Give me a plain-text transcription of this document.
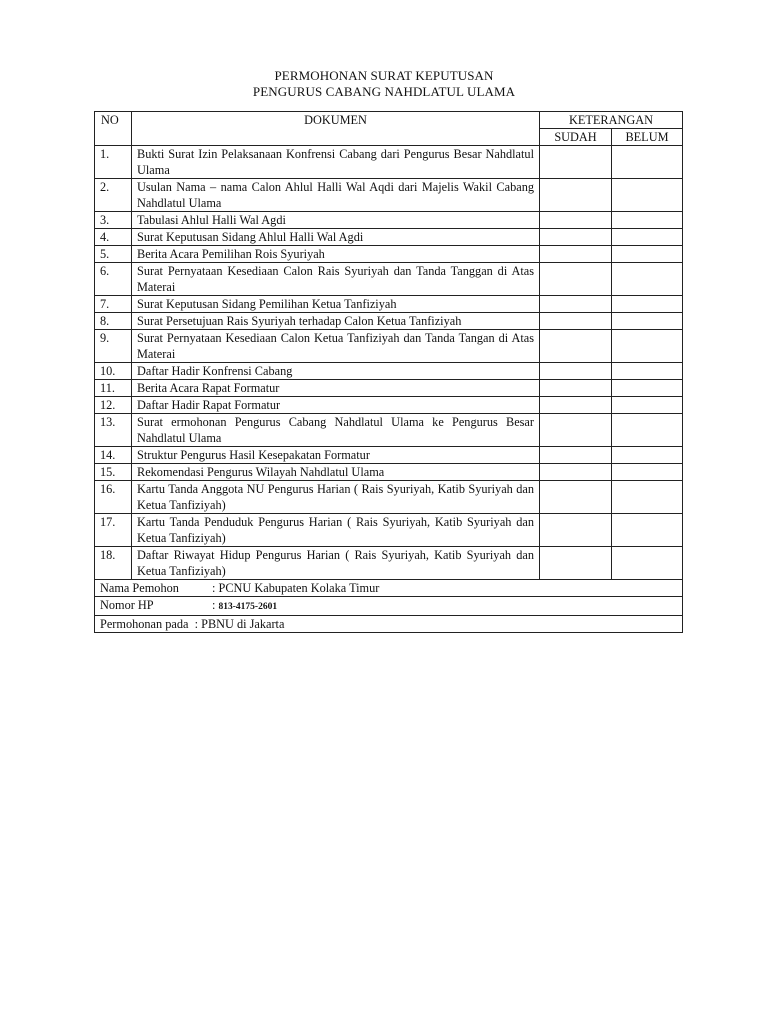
PERMOHONAN SURAT KEPUTUSAN
PENGURUS CABANG NAHDLATUL ULAMA
NO	DOKUMEN	KETERANGAN	
		SUDAH	BELUM
1.	Bukti Surat Izin Pelaksanaan Konfrensi Cabang dari Pengurus Besar Nahdlatul Ulama		
2.	Usulan Nama – nama Calon Ahlul Halli Wal Aqdi dari Majelis Wakil Cabang Nahdlatul Ulama		
3.	Tabulasi Ahlul Halli Wal Agdi		
4.	Surat Keputusan Sidang Ahlul Halli Wal Agdi		
5.	Berita Acara Pemilihan Rois Syuriyah		
6.	Surat Pernyataan Kesediaan Calon Rais Syuriyah dan Tanda Tanggan di Atas Materai		
7.	Surat Keputusan Sidang Pemilihan Ketua Tanfiziyah		
8.	Surat Persetujuan Rais Syuriyah terhadap Calon Ketua Tanfiziyah		
9.	Surat Pernyataan Kesediaan Calon Ketua Tanfiziyah dan Tanda Tangan di Atas Materai		
10.	Daftar Hadir Konfrensi Cabang		
11.	Berita Acara Rapat Formatur		
12.	Daftar Hadir Rapat Formatur		
13.	Surat ermohonan Pengurus Cabang Nahdlatul Ulama ke Pengurus Besar Nahdlatul Ulama		
14.	Struktur Pengurus Hasil Kesepakatan Formatur		
15.	Rekomendasi Pengurus Wilayah Nahdlatul Ulama		
16.	Kartu Tanda Anggota NU Pengurus Harian ( Rais Syuriyah, Katib Syuriyah dan Ketua Tanfiziyah)		
17.	Kartu Tanda Penduduk Pengurus Harian ( Rais Syuriyah, Katib Syuriyah dan Ketua Tanfiziyah)		
18.	Daftar Riwayat Hidup Pengurus Harian ( Rais Syuriyah, Katib Syuriyah dan Ketua Tanfiziyah)		
Nama Pemohon : PCNU Kabupaten Kolaka Timur			
Nomor HP : 813-4175-2601			
Permohonan pada : PBNU di Jakarta			
